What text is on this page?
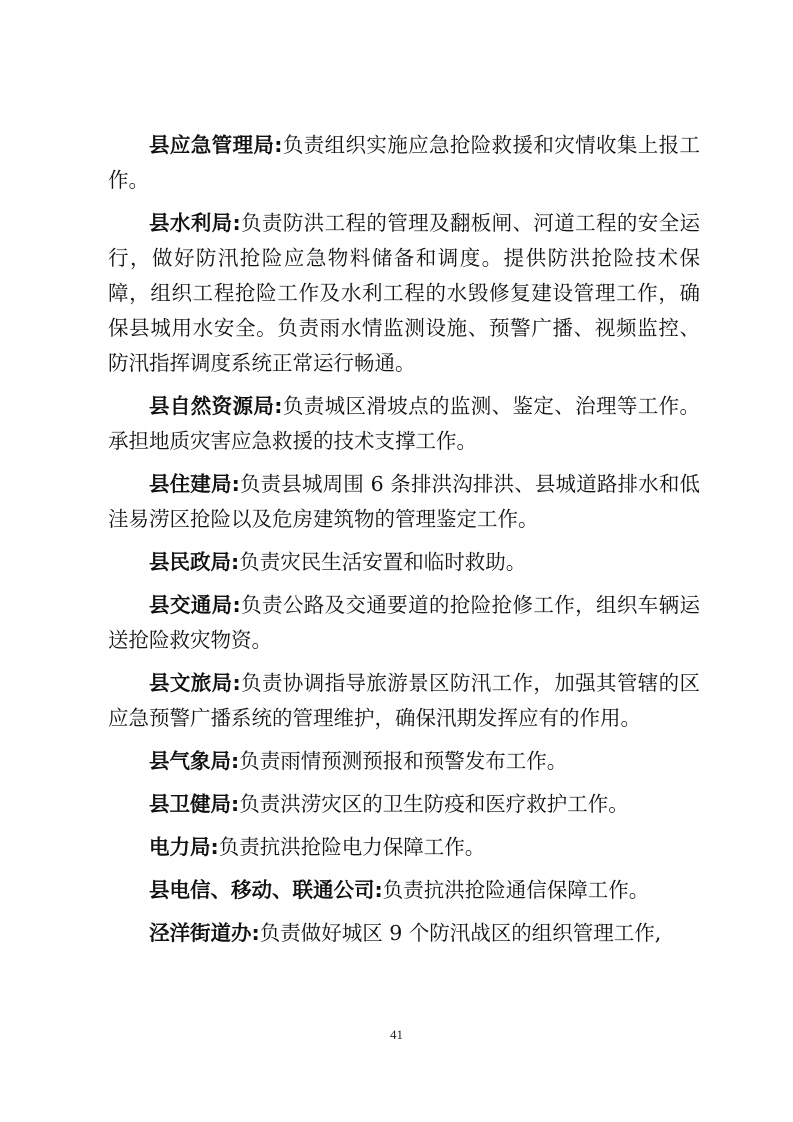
县应急管理局:负责组织实施应急抢险救援和灾情收集上报工作。

县水利局:负责防洪工程的管理及翻板闸、河道工程的安全运行，做好防汛抢险应急物料储备和调度。提供防洪抢险技术保障，组织工程抢险工作及水利工程的水毁修复建设管理工作，确保县城用水安全。负责雨水情监测设施、预警广播、视频监控、防汛指挥调度系统正常运行畅通。

县自然资源局:负责城区滑坡点的监测、鉴定、治理等工作。承担地质灾害应急救援的技术支撑工作。

县住建局:负责县城周围 6 条排洪沟排洪、县城道路排水和低洼易涝区抢险以及危房建筑物的管理鉴定工作。

县民政局:负责灾民生活安置和临时救助。

县交通局:负责公路及交通要道的抢险抢修工作，组织车辆运送抢险救灾物资。

县文旅局:负责协调指导旅游景区防汛工作，加强其管辖的区应急预警广播系统的管理维护，确保汛期发挥应有的作用。

县气象局:负责雨情预测预报和预警发布工作。

县卫健局:负责洪涝灾区的卫生防疫和医疗救护工作。

电力局:负责抗洪抢险电力保障工作。

县电信、移动、联通公司:负责抗洪抢险通信保障工作。

泾洋街道办:负责做好城区 9 个防汛战区的组织管理工作,

41
